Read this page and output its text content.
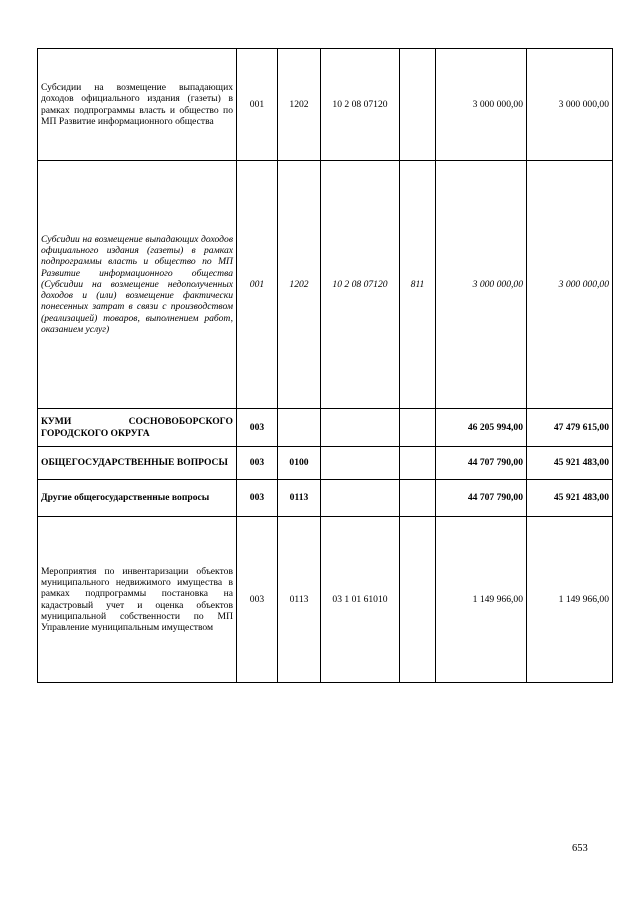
Субсидии на возмещение выпадающих доходов официального издания (газеты) в рамках подпрограммы власть и общество по МП Развитие информационного общества	001	1202	10 2 08 07120		3 000 000,00	3 000 000,00
Субсидии на возмещение выпадающих доходов официального издания (газеты) в рамках подпрограммы власть и общество по МП Развитие информационного общества (Субсидии на возмещение недополученных доходов и (или) возмещение фактически понесенных затрат в связи с производством (реализацией) товаров, выполнением работ, оказанием услуг)	001	1202	10 2 08 07120	811	3 000 000,00	3 000 000,00
КУМИ СОСНОВОБОРСКОГО ГОРОДСКОГО ОКРУГА	003				46 205 994,00	47 479 615,00
ОБЩЕГОСУДАРСТВЕННЫЕ ВОПРОСЫ	003	0100			44 707 790,00	45 921 483,00
Другие общегосударственные вопросы	003	0113			44 707 790,00	45 921 483,00
Мероприятия по инвентаризации объектов муниципального недвижимого имущества в рамках подпрограммы постановка на кадастровый учет и оценка объектов муниципальной собственности по МП Управление муниципальным имуществом	003	0113	03 1 01 61010		1 149 966,00	1 149 966,00
653
